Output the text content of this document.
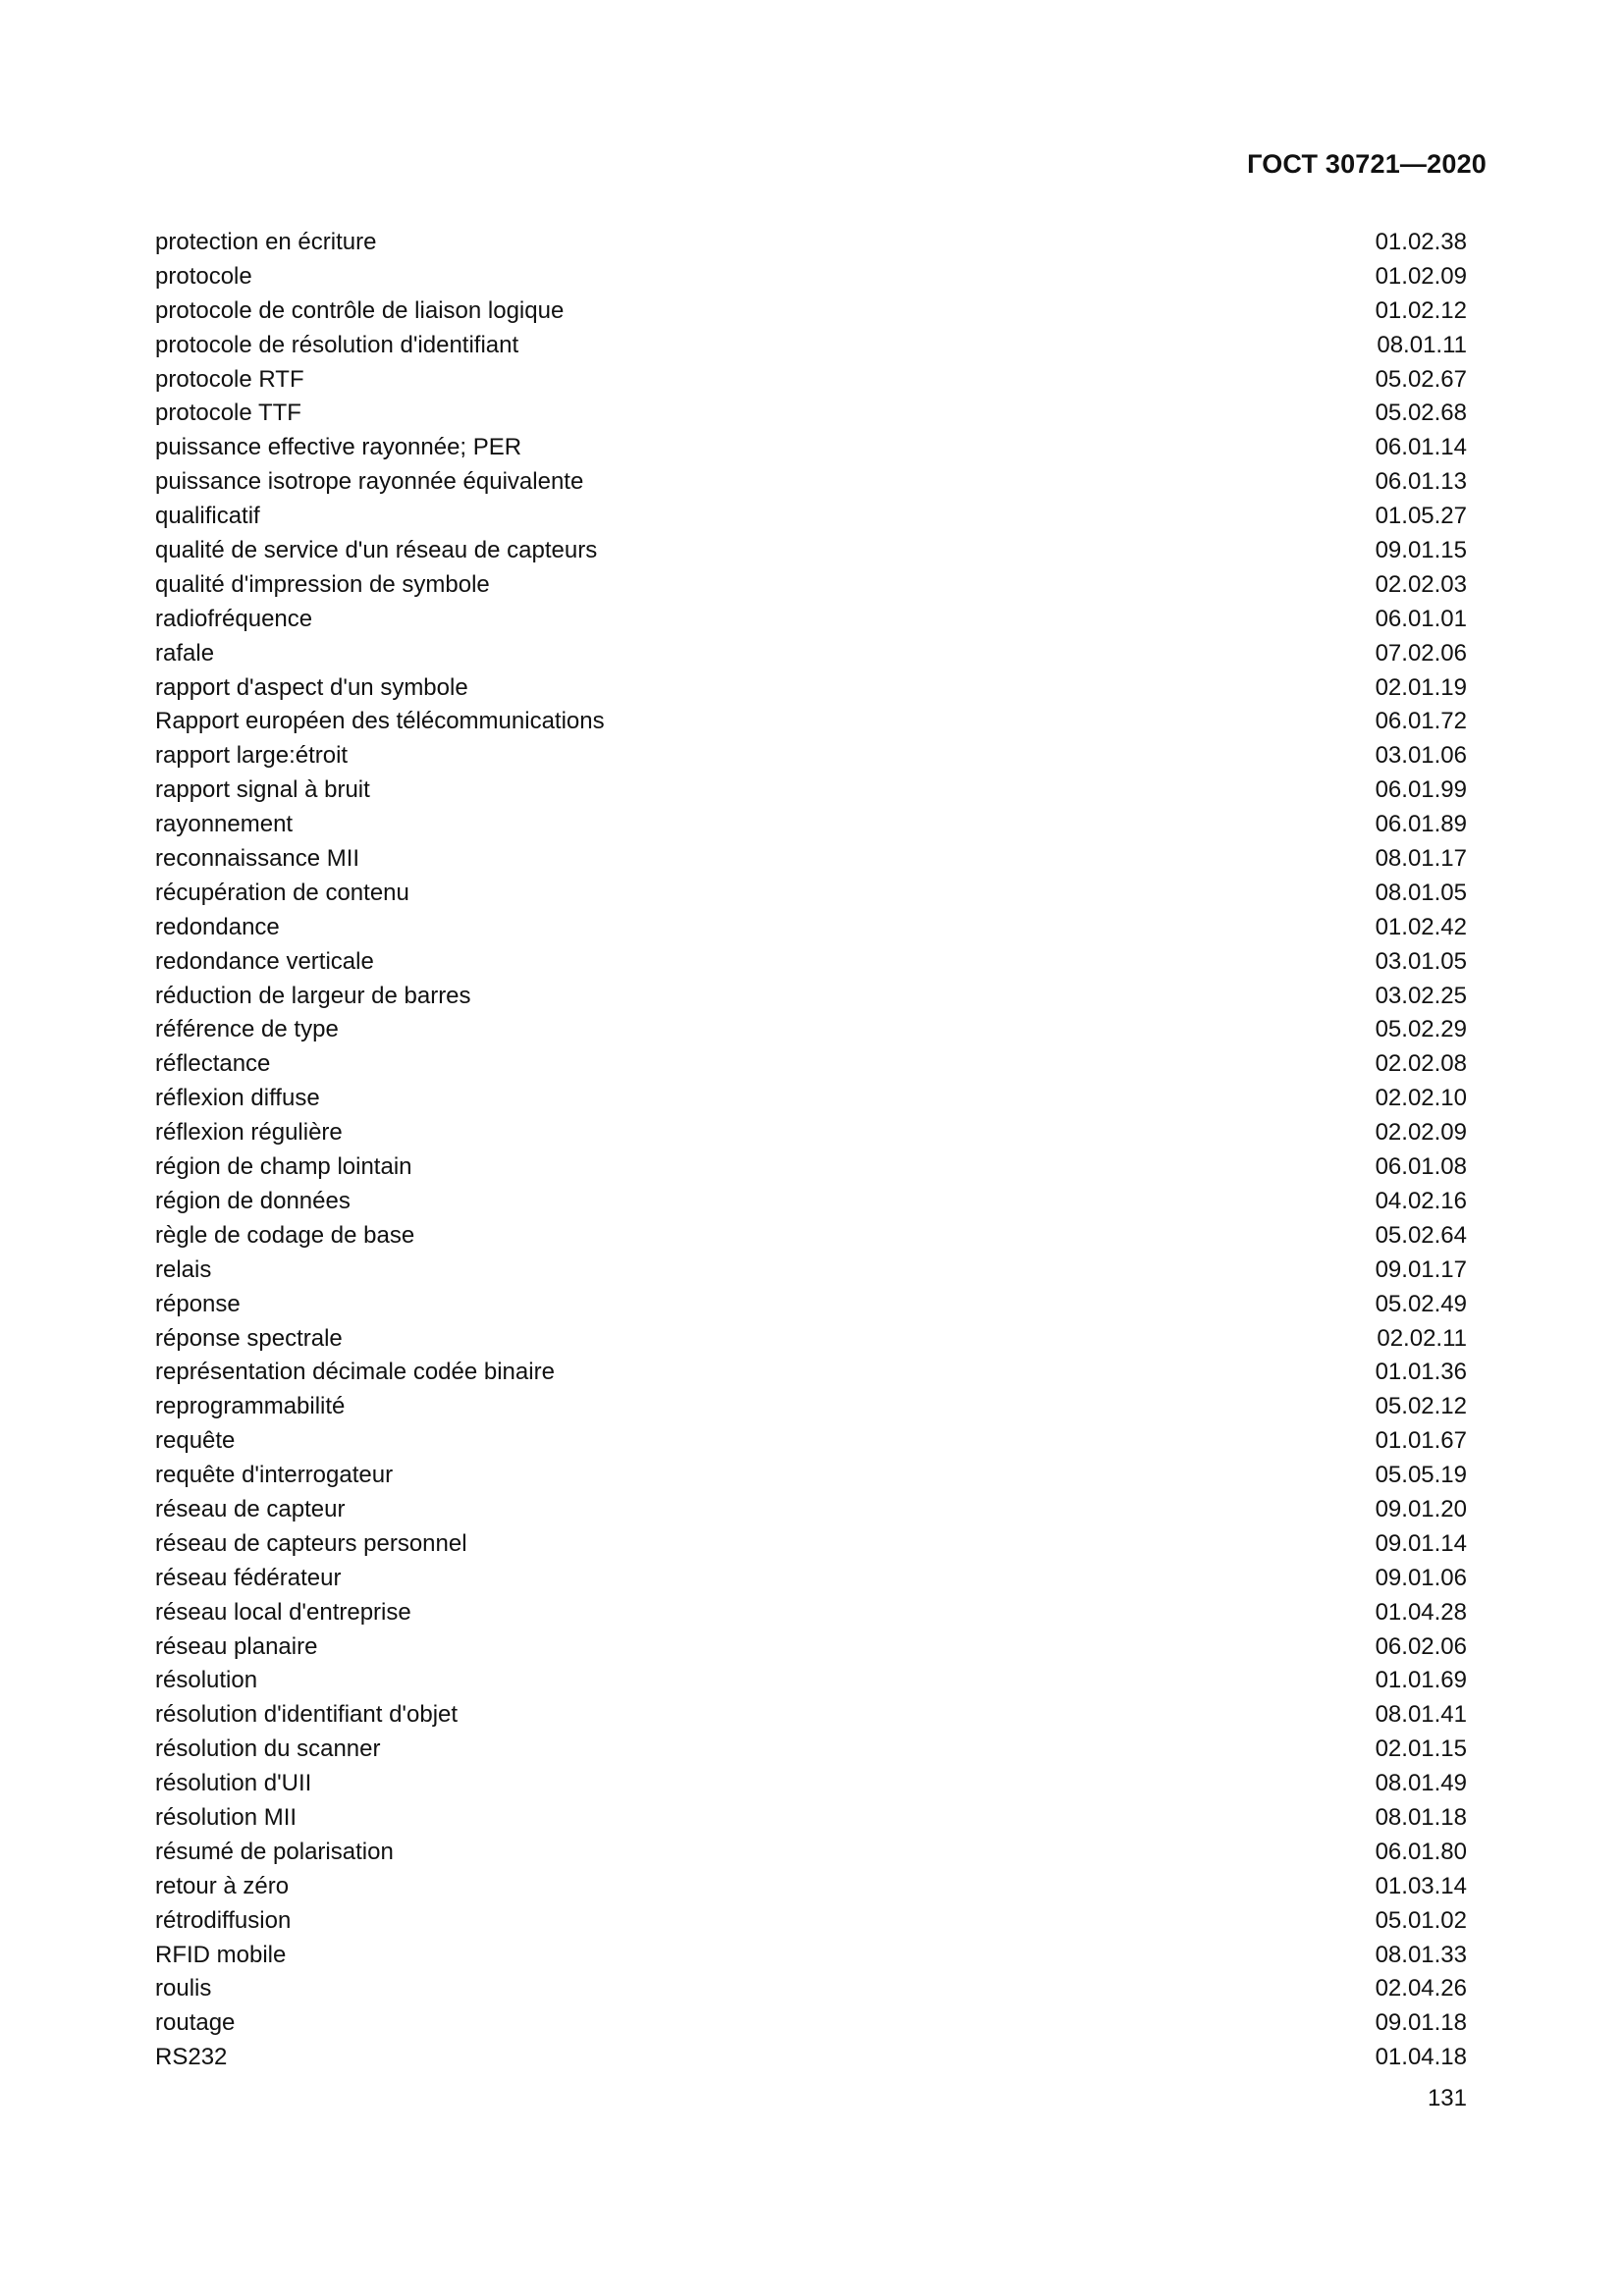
ГОСТ 30721—2020
protection en écriture	01.02.38
protocole	01.02.09
protocole de contrôle de liaison logique	01.02.12
protocole de résolution d'identifiant	08.01.11
protocole RTF	05.02.67
protocole TTF	05.02.68
puissance effective rayonnée; PER	06.01.14
puissance isotrope rayonnée équivalente	06.01.13
qualificatif	01.05.27
qualité de service d'un réseau de capteurs	09.01.15
qualité d'impression de symbole	02.02.03
radiofréquence	06.01.01
rafale	07.02.06
rapport d'aspect d'un symbole	02.01.19
Rapport européen des télécommunications	06.01.72
rapport large:étroit	03.01.06
rapport signal à bruit	06.01.99
rayonnement	06.01.89
reconnaissance MII	08.01.17
récupération de contenu	08.01.05
redondance	01.02.42
redondance verticale	03.01.05
réduction de largeur de barres	03.02.25
référence de type	05.02.29
réflectance	02.02.08
réflexion diffuse	02.02.10
réflexion régulière	02.02.09
région de champ lointain	06.01.08
région de données	04.02.16
règle de codage de base	05.02.64
relais	09.01.17
réponse	05.02.49
réponse spectrale	02.02.11
représentation décimale codée binaire	01.01.36
reprogrammabilité	05.02.12
requête	01.01.67
requête d'interrogateur	05.05.19
réseau de capteur	09.01.20
réseau de capteurs personnel	09.01.14
réseau fédérateur	09.01.06
réseau local d'entreprise	01.04.28
réseau planaire	06.02.06
résolution	01.01.69
résolution d'identifiant d'objet	08.01.41
résolution du scanner	02.01.15
résolution d'UII	08.01.49
résolution MII	08.01.18
résumé de polarisation	06.01.80
retour à zéro	01.03.14
rétrodiffusion	05.01.02
RFID mobile	08.01.33
roulis	02.04.26
routage	09.01.18
RS232	01.04.18
131
